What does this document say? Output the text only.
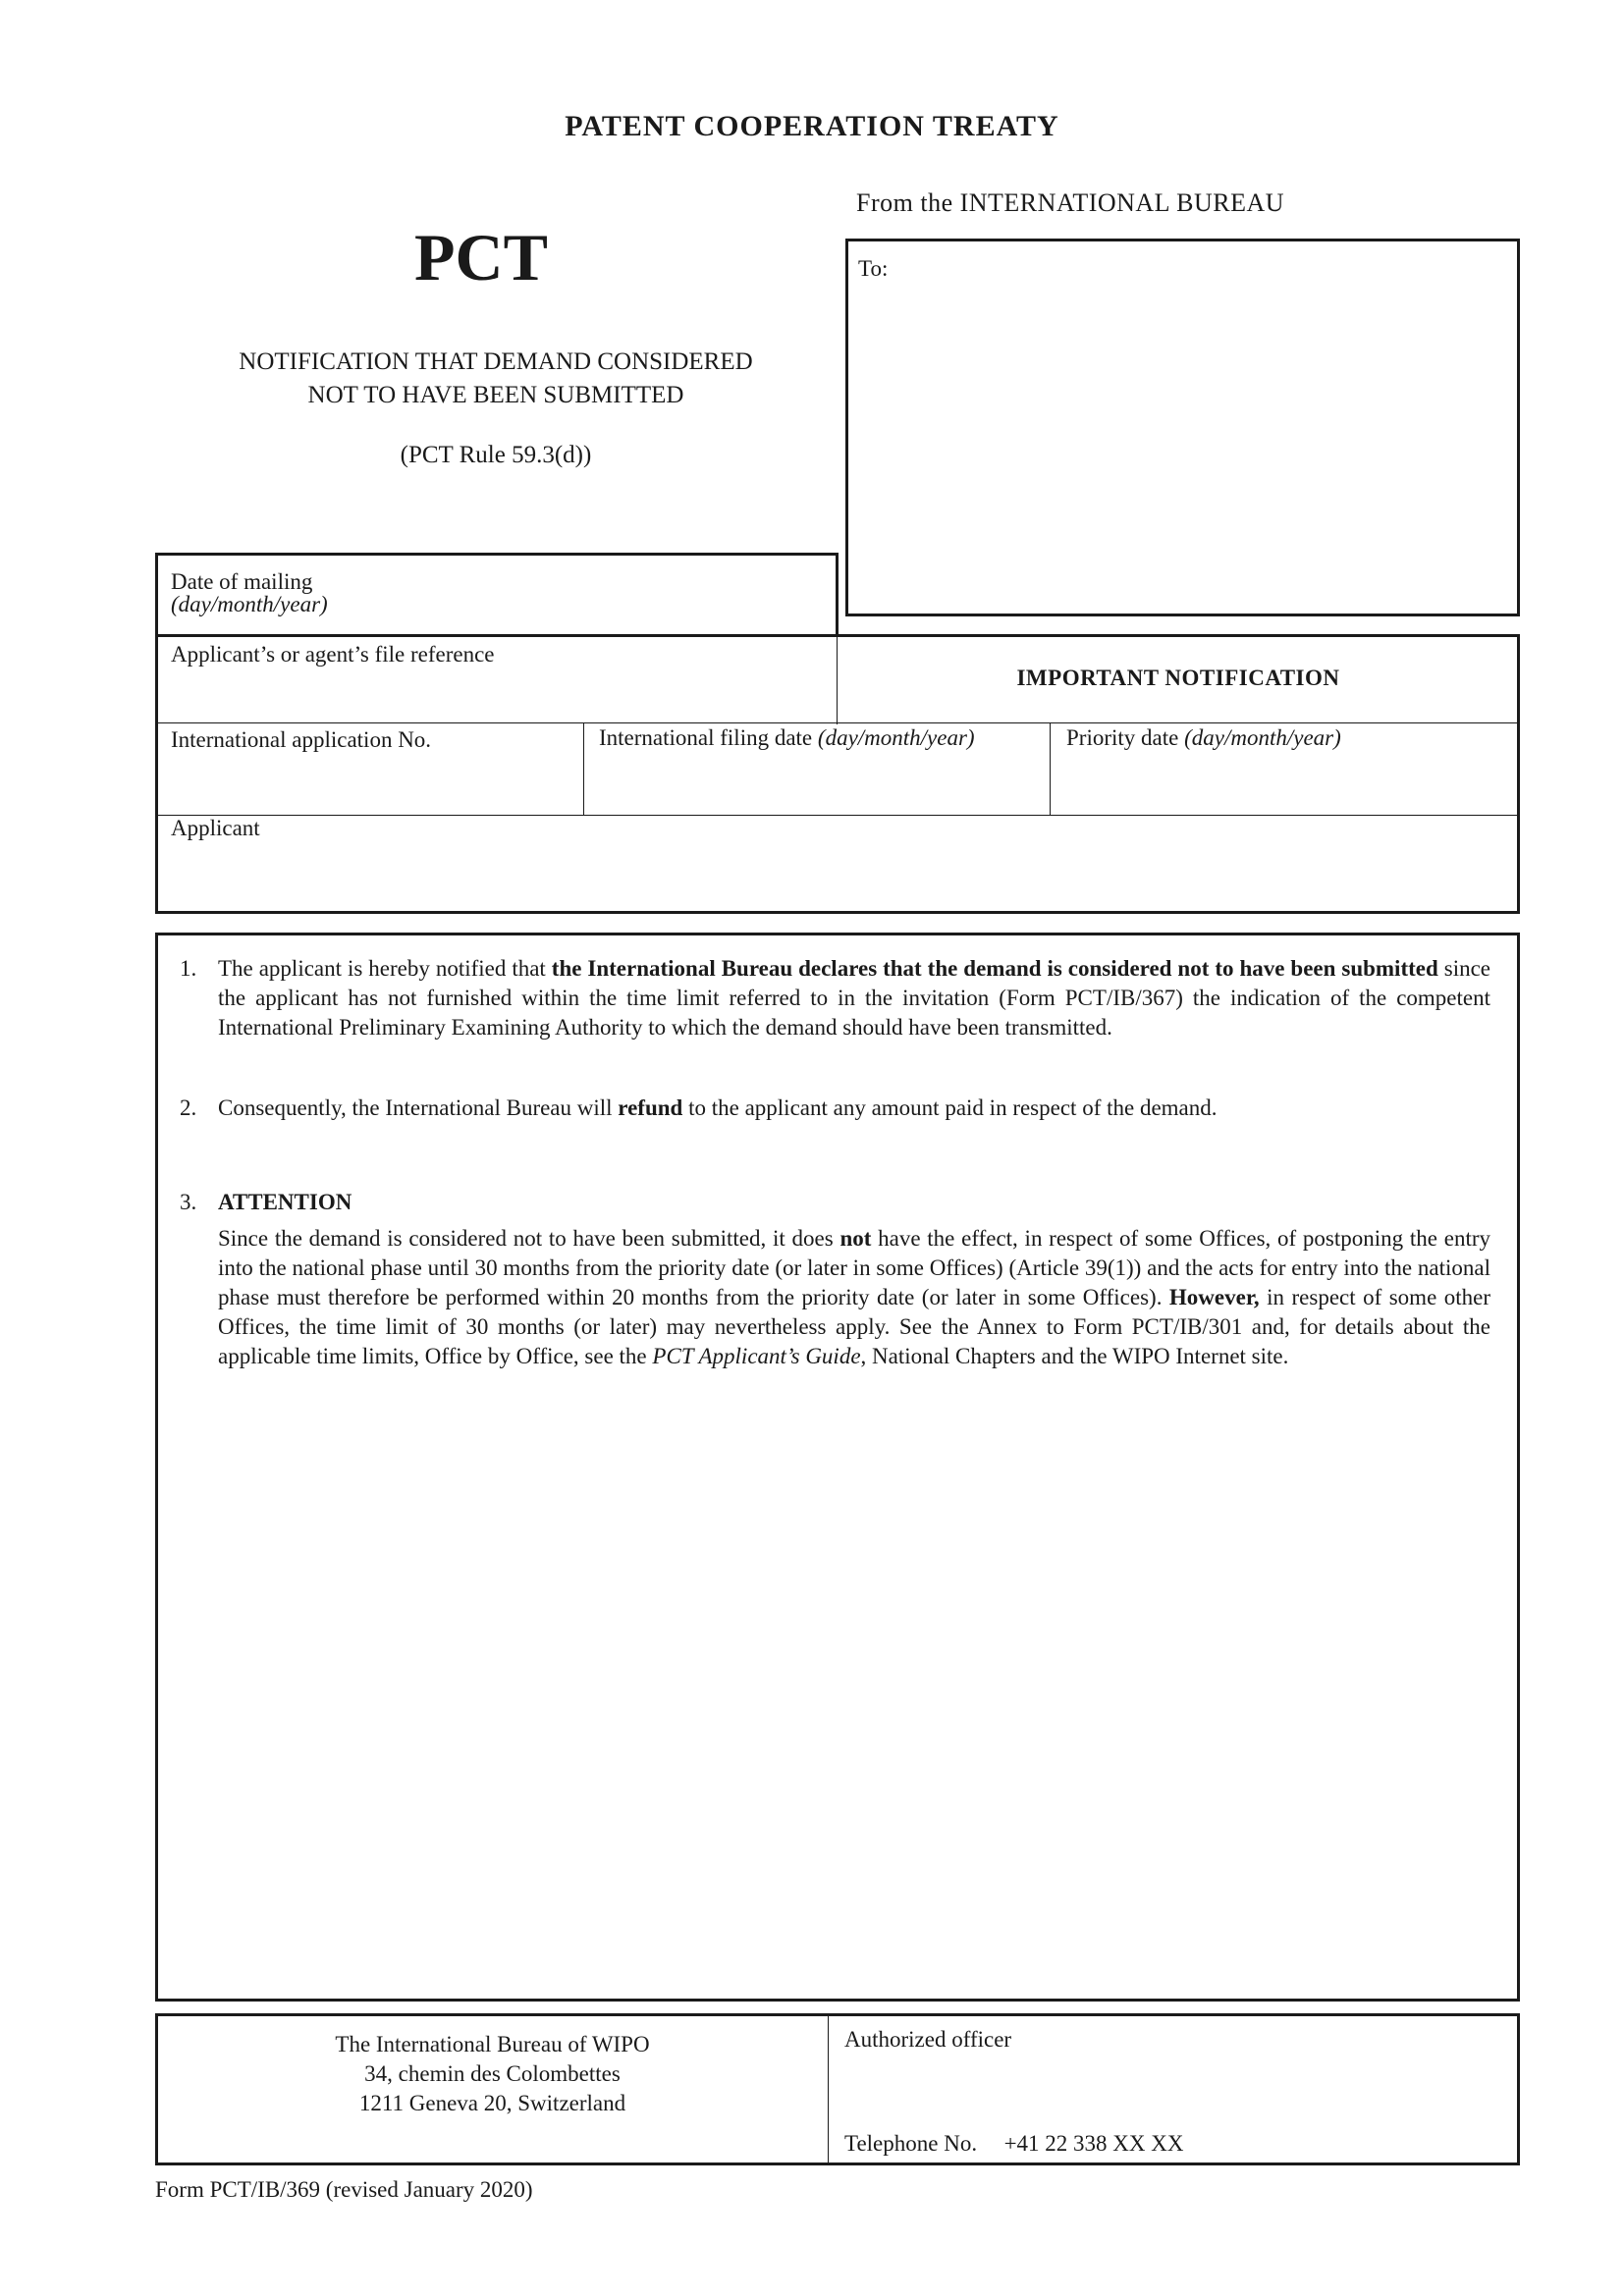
PATENT COOPERATION TREATY
From the INTERNATIONAL BUREAU
PCT
NOTIFICATION THAT DEMAND CONSIDERED
NOT TO HAVE BEEN SUBMITTED
(PCT Rule 59.3(d))
To:
Date of mailing
(day/month/year)
Applicant’s or agent’s file reference
IMPORTANT NOTIFICATION
International application No.	International filing date (day/month/year)	Priority date (day/month/year)
Applicant
1. The applicant is hereby notified that the International Bureau declares that the demand is considered not to have been submitted since the applicant has not furnished within the time limit referred to in the invitation (Form PCT/IB/367) the indication of the competent International Preliminary Examining Authority to which the demand should have been transmitted.
2. Consequently, the International Bureau will refund to the applicant any amount paid in respect of the demand.
3. ATTENTION
Since the demand is considered not to have been submitted, it does not have the effect, in respect of some Offices, of postponing the entry into the national phase until 30 months from the priority date (or later in some Offices) (Article 39(1)) and the acts for entry into the national phase must therefore be performed within 20 months from the priority date (or later in some Offices). However, in respect of some other Offices, the time limit of 30 months (or later) may nevertheless apply. See the Annex to Form PCT/IB/301 and, for details about the applicable time limits, Office by Office, see the PCT Applicant’s Guide, National Chapters and the WIPO Internet site.
The International Bureau of WIPO
34, chemin des Colombettes
1211 Geneva 20, Switzerland
Authorized officer
Telephone No. +41 22 338 XX XX
Form PCT/IB/369 (revised January 2020)
